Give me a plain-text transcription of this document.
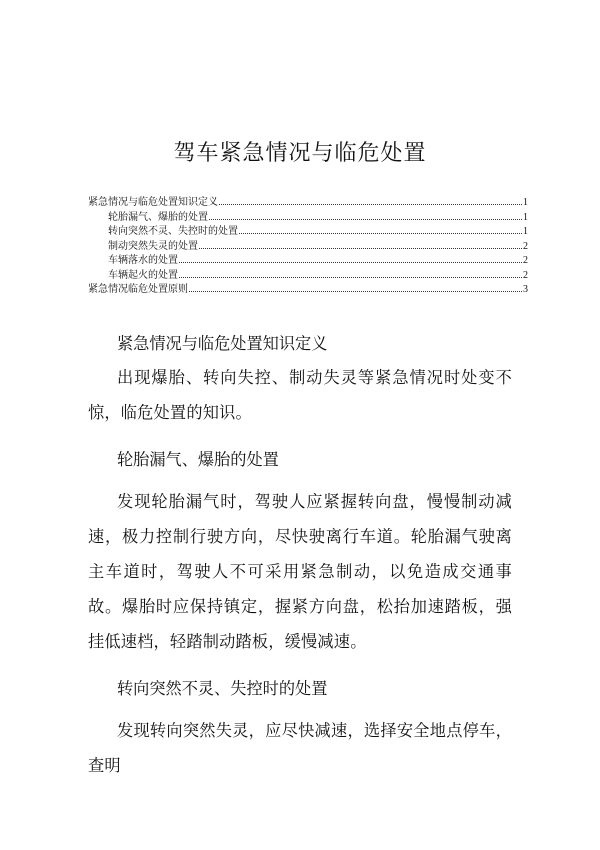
驾车紧急情况与临危处置
紧急情况与临危处置知识定义	1
轮胎漏气、爆胎的处置	1
转向突然不灵、失控时的处置	1
制动突然失灵的处置	2
车辆落水的处置	2
车辆起火的处置	2
紧急情况临危处置原则	3
紧急情况与临危处置知识定义
出现爆胎、转向失控、制动失灵等紧急情况时处变不惊，临危处置的知识。
轮胎漏气、爆胎的处置
发现轮胎漏气时，驾驶人应紧握转向盘，慢慢制动减速，极力控制行驶方向，尽快驶离行车道。轮胎漏气驶离主车道时，驾驶人不可采用紧急制动，以免造成交通事故。爆胎时应保持镇定，握紧方向盘，松抬加速踏板，强挂低速档，轻踏制动踏板，缓慢减速。
转向突然不灵、失控时的处置
发现转向突然失灵，应尽快减速，选择安全地点停车，查明
